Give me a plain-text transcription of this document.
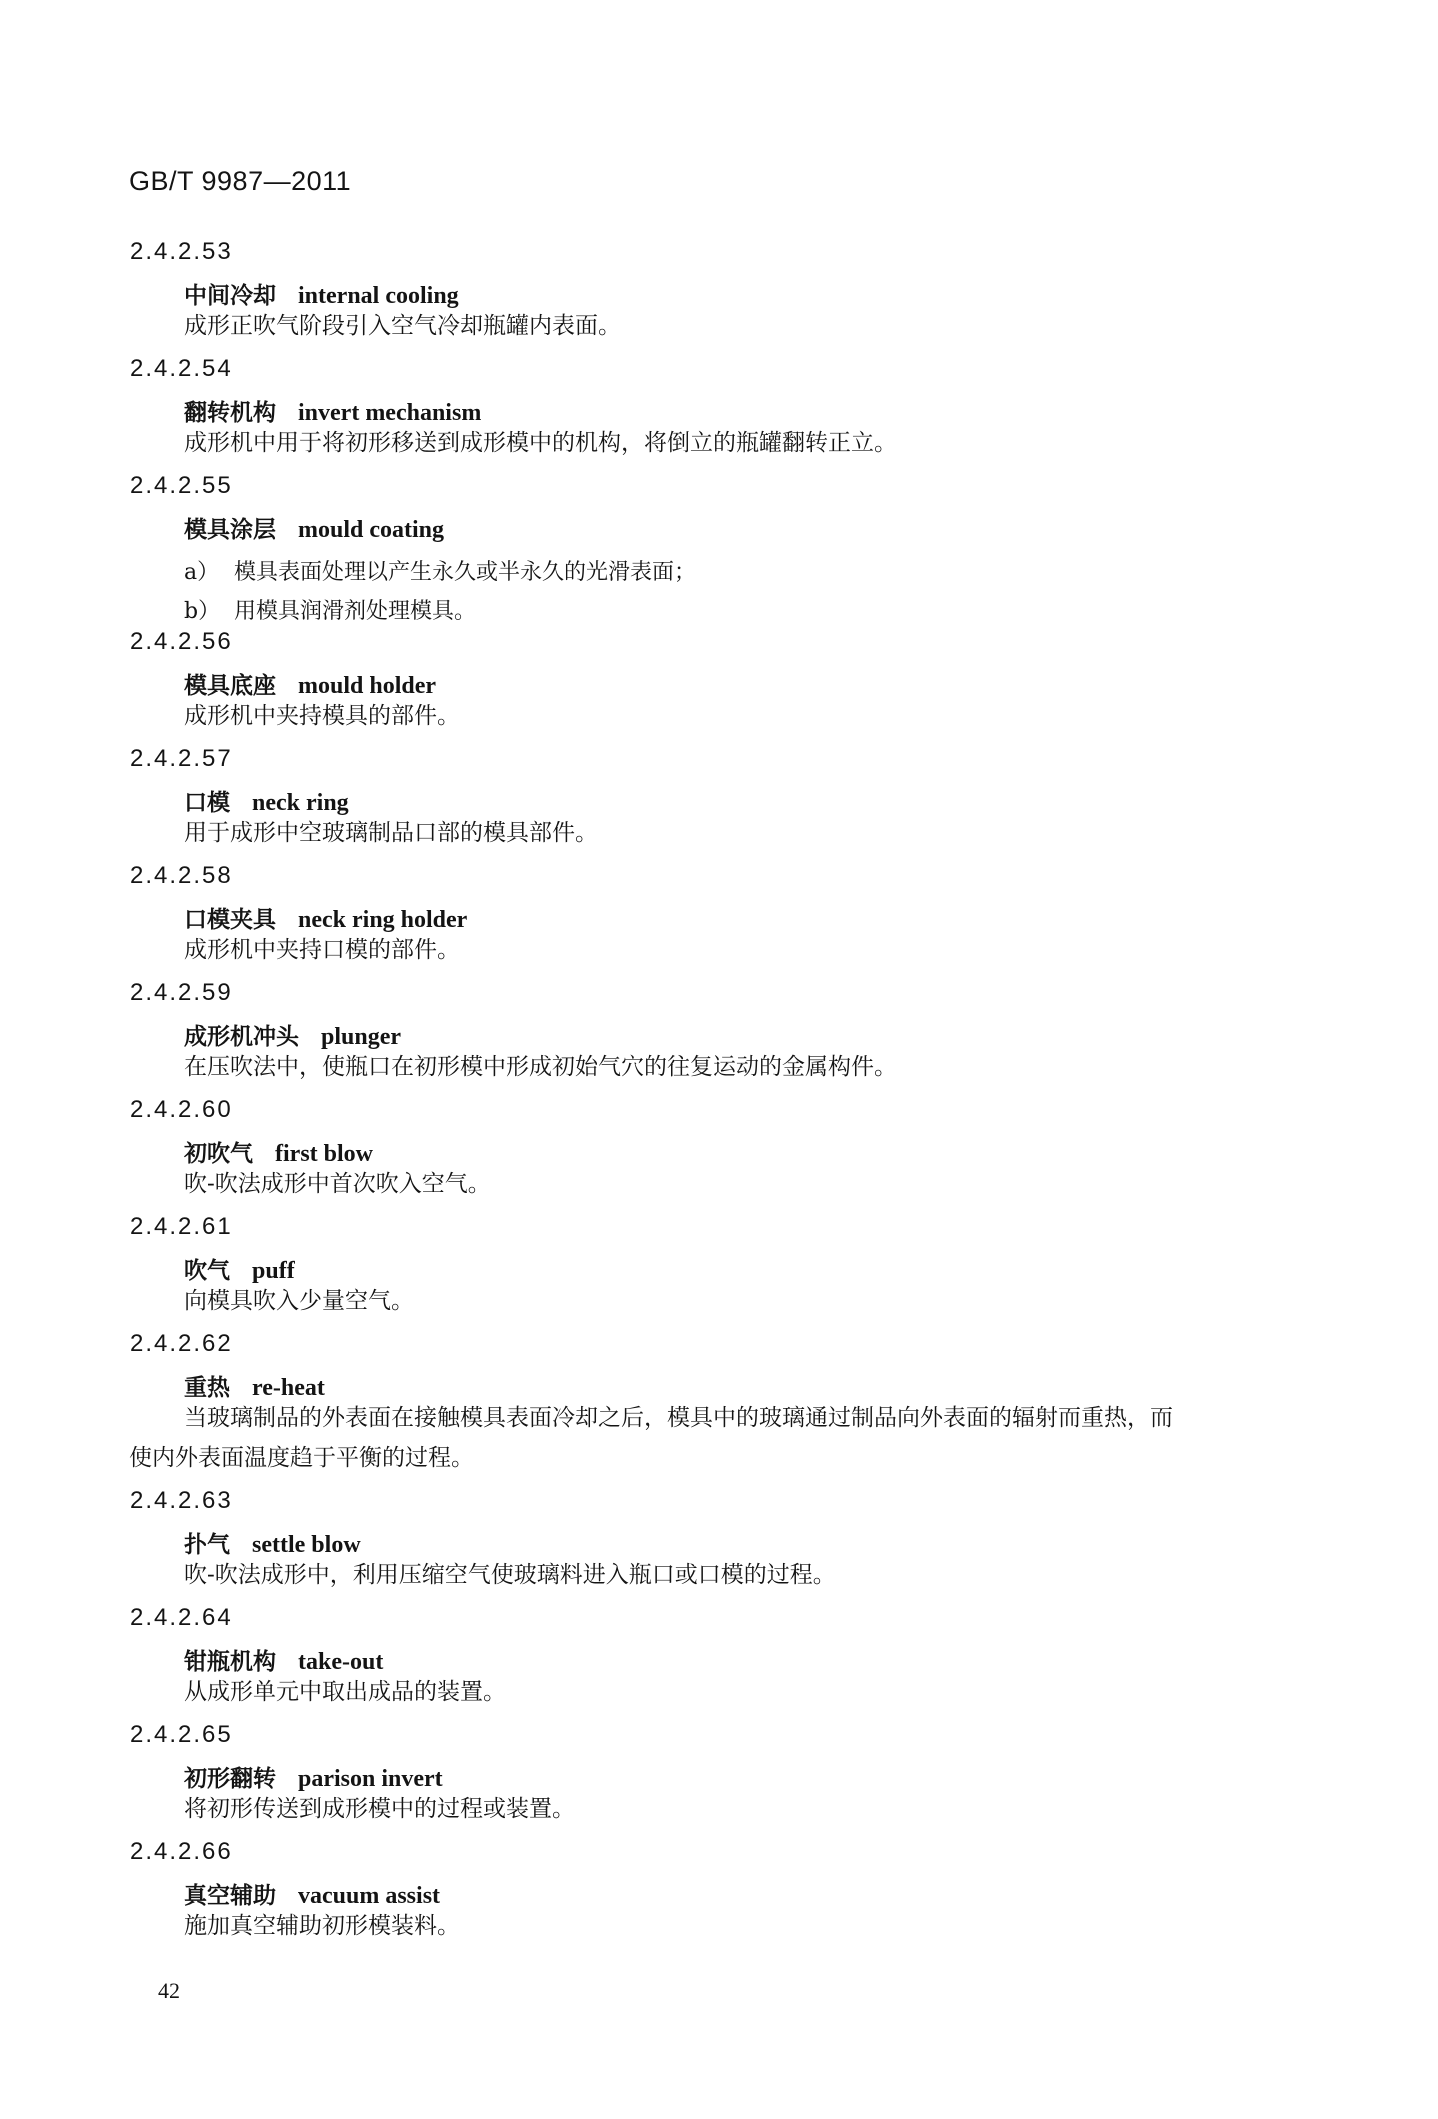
GB/T 9987—2011
2.4.2.53
中间冷却 internal cooling
成形正吹气阶段引入空气冷却瓶罐内表面。
2.4.2.54
翻转机构 invert mechanism
成形机中用于将初形移送到成形模中的机构，将倒立的瓶罐翻转正立。
2.4.2.55
模具涂层 mould coating
a） 模具表面处理以产生永久或半永久的光滑表面；
b） 用模具润滑剂处理模具。
2.4.2.56
模具底座 mould holder
成形机中夹持模具的部件。
2.4.2.57
口模 neck ring
用于成形中空玻璃制品口部的模具部件。
2.4.2.58
口模夹具 neck ring holder
成形机中夹持口模的部件。
2.4.2.59
成形机冲头 plunger
在压吹法中，使瓶口在初形模中形成初始气穴的往复运动的金属构件。
2.4.2.60
初吹气 first blow
吹-吹法成形中首次吹入空气。
2.4.2.61
吹气 puff
向模具吹入少量空气。
2.4.2.62
重热 re-heat
当玻璃制品的外表面在接触模具表面冷却之后，模具中的玻璃通过制品向外表面的辐射而重热，而
使内外表面温度趋于平衡的过程。
2.4.2.63
扑气 settle blow
吹-吹法成形中，利用压缩空气使玻璃料进入瓶口或口模的过程。
2.4.2.64
钳瓶机构 take-out
从成形单元中取出成品的装置。
2.4.2.65
初形翻转 parison invert
将初形传送到成形模中的过程或装置。
2.4.2.66
真空辅助 vacuum assist
施加真空辅助初形模装料。
42
